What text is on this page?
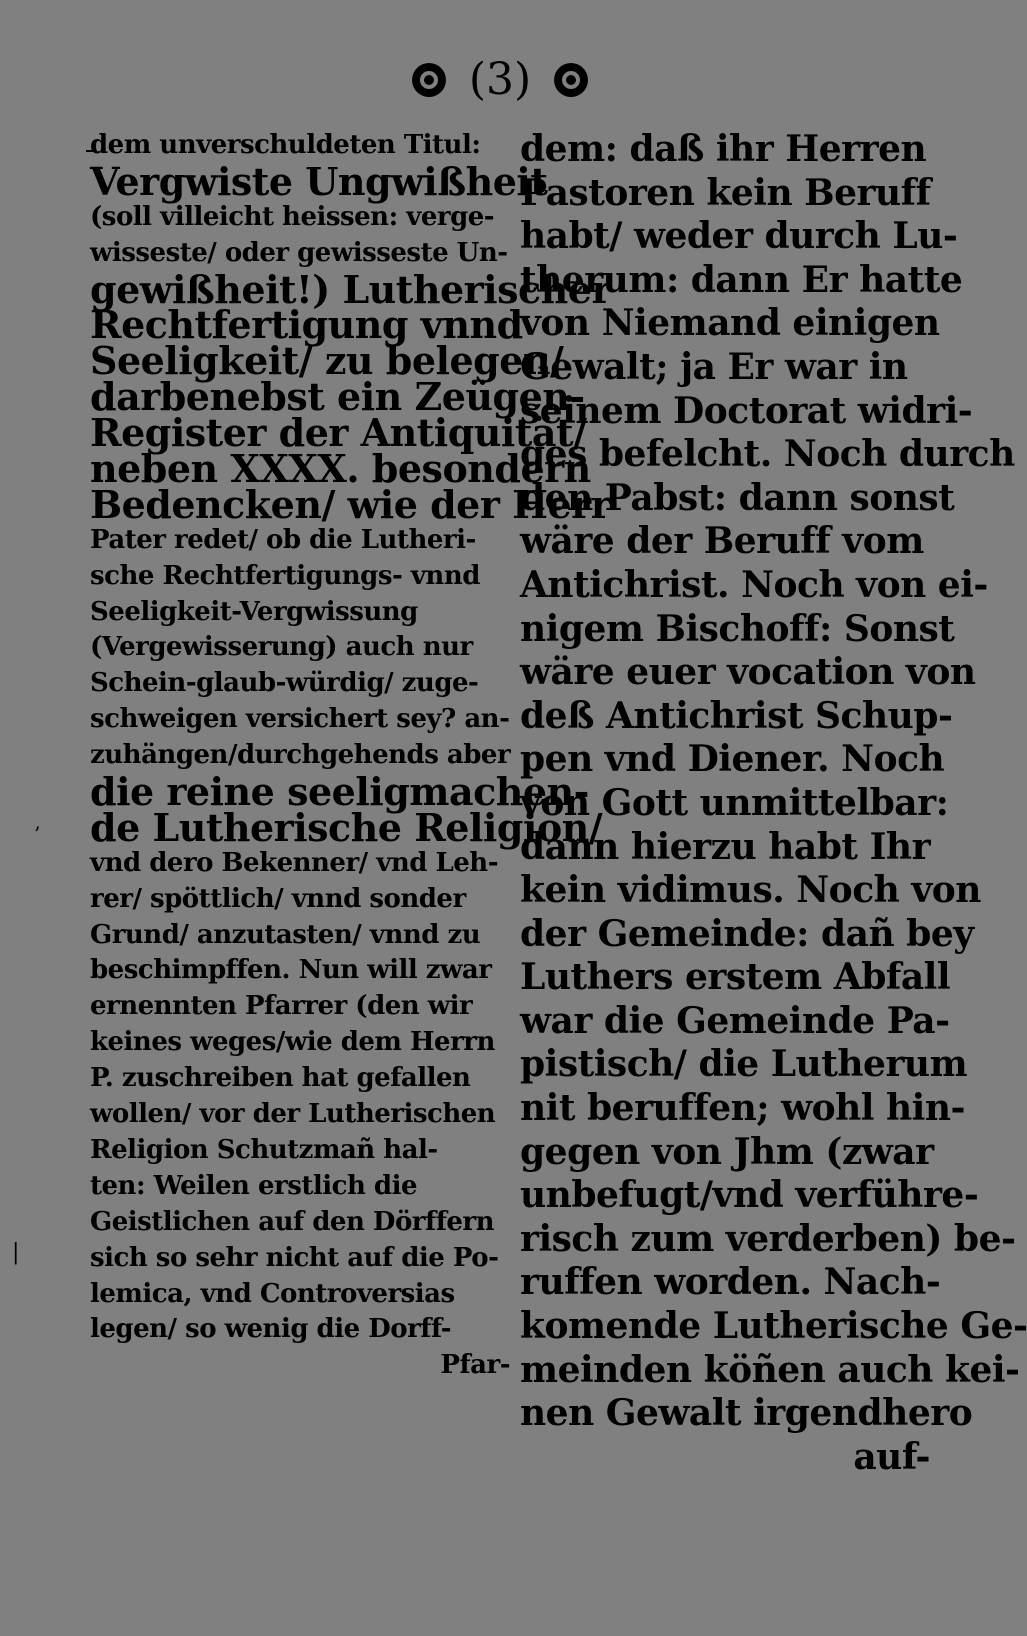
(3)
’
|
dem unverschuldeten Titul:
Vergwiste Ungwißheit
(soll villeicht heissen: verge-
wisseste/ oder gewisseste Un-
gewißheit!) Lutherischer
Rechtfertigung vnnd
Seeligkeit/ zu belegen/
darbenebst ein Zeügen-
Register der Antiquität/
neben XXXX. besondern
Bedencken/ wie der Herr
Pater redet/ ob die Lutheri-
sche Rechtfertigungs- vnnd
Seeligkeit-Vergwissung
(Vergewisserung) auch nur
Schein-glaub-würdig/ zuge-
schweigen versichert sey? an-
zuhängen/durchgehends aber
die reine seeligmachen-
de Lutherische Religion/
vnd dero Bekenner/ vnd Leh-
rer/ spöttlich/ vnnd sonder
Grund/ anzutasten/ vnnd zu
beschimpffen. Nun will zwar
ernennten Pfarrer (den wir
keines weges/wie dem Herrn
P. zuschreiben hat gefallen
wollen/ vor der Lutherischen
Religion Schutzmañ hal-
ten: Weilen erstlich die
Geistlichen auf den Dörffern
sich so sehr nicht auf die Po-
lemica, vnd Controversias
legen/ so wenig die Dorff-
Pfar-
dem: daß ihr Herren
Pastoren kein Beruff
habt/ weder durch Lu-
therum: dann Er hatte
von Niemand einigen
Gewalt; ja Er war in
seinem Doctorat widri-
ges befelcht. Noch durch
den Pabst: dann sonst
wäre der Beruff vom
Antichrist. Noch von ei-
nigem Bischoff: Sonst
wäre euer vocation von
deß Antichrist Schup-
pen vnd Diener. Noch
von Gott unmittelbar:
dann hierzu habt Ihr
kein vidimus. Noch von
der Gemeinde: dañ bey
Luthers erstem Abfall
war die Gemeinde Pa-
pistisch/ die Lutherum
nit beruffen; wohl hin-
gegen von Jhm (zwar
unbefugt/vnd verführe-
risch zum verderben) be-
ruffen worden. Nach-
komende Lutherische Ge-
meinden köñen auch kei-
nen Gewalt irgendhero
auf-
